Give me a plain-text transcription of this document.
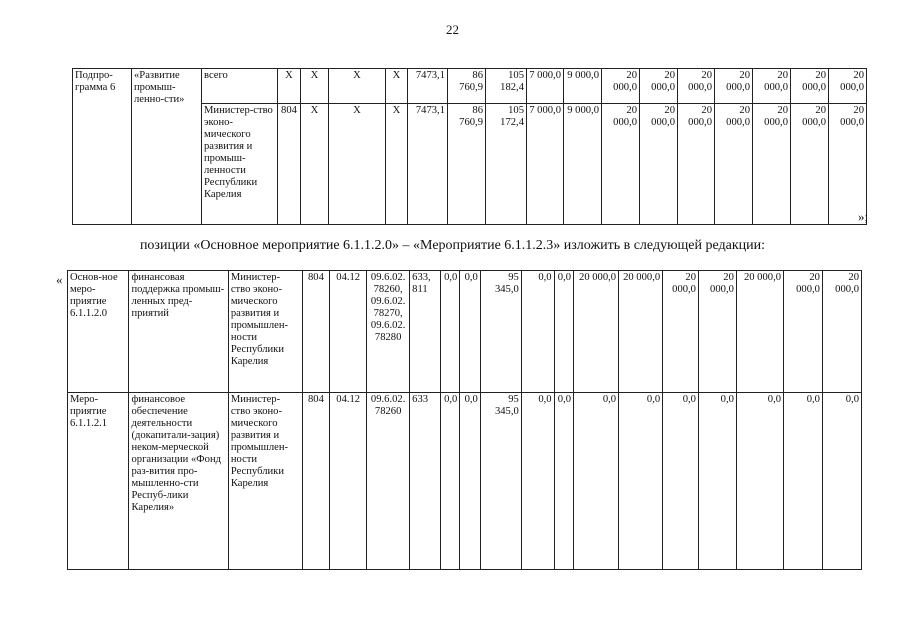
22
Подпро-грамма 6	«Развитие промыш-ленно-сти»	всего	Х	Х	Х	Х	7473,1	86 760,9	105 182,4	7 000,0	9 000,0	20 000,0	20 000,0	20 000,0	20 000,0	20 000,0	20 000,0	20 000,0
		Министер-ство эконо-мического развития и промыш-ленности Республики Карелия	804	Х	Х	Х	7473,1	86 760,9	105 172,4	7 000,0	9 000,0	20 000,0	20 000,0	20 000,0	20 000,0	20 000,0	20 000,0	20 000,0
»;
позиции «Основное мероприятие 6.1.1.2.0» – «Мероприятие 6.1.1.2.3» изложить в следующей редакции:
« Основ-ное меро-приятие 6.1.1.2.0	финансовая поддержка промыш-ленных пред-приятий	Министер-ство эконо-мического развития и промышлен-ности Республики Карелия	804	04.12	09.6.02. 78260, 09.6.02. 78270, 09.6.02. 78280	633, 811	0,0	0,0	95 345,0	0,0	0,0	20 000,0	20 000,0	20 000,0	20 000,0	20 000,0	20 000,0	20 000,0
Меро-приятие 6.1.1.2.1	финансовое обеспечение деятельности (докапитали-зация) неком-мерческой организации «Фонд раз-вития про-мышленно-сти Респуб-лики Карелия»	Министер-ство эконо-мического развития и промышлен-ности Республики Карелия	804	04.12	09.6.02. 78260	633	0,0	0,0	95 345,0	0,0	0,0	0,0	0,0	0,0	0,0	0,0	0,0	0,0
